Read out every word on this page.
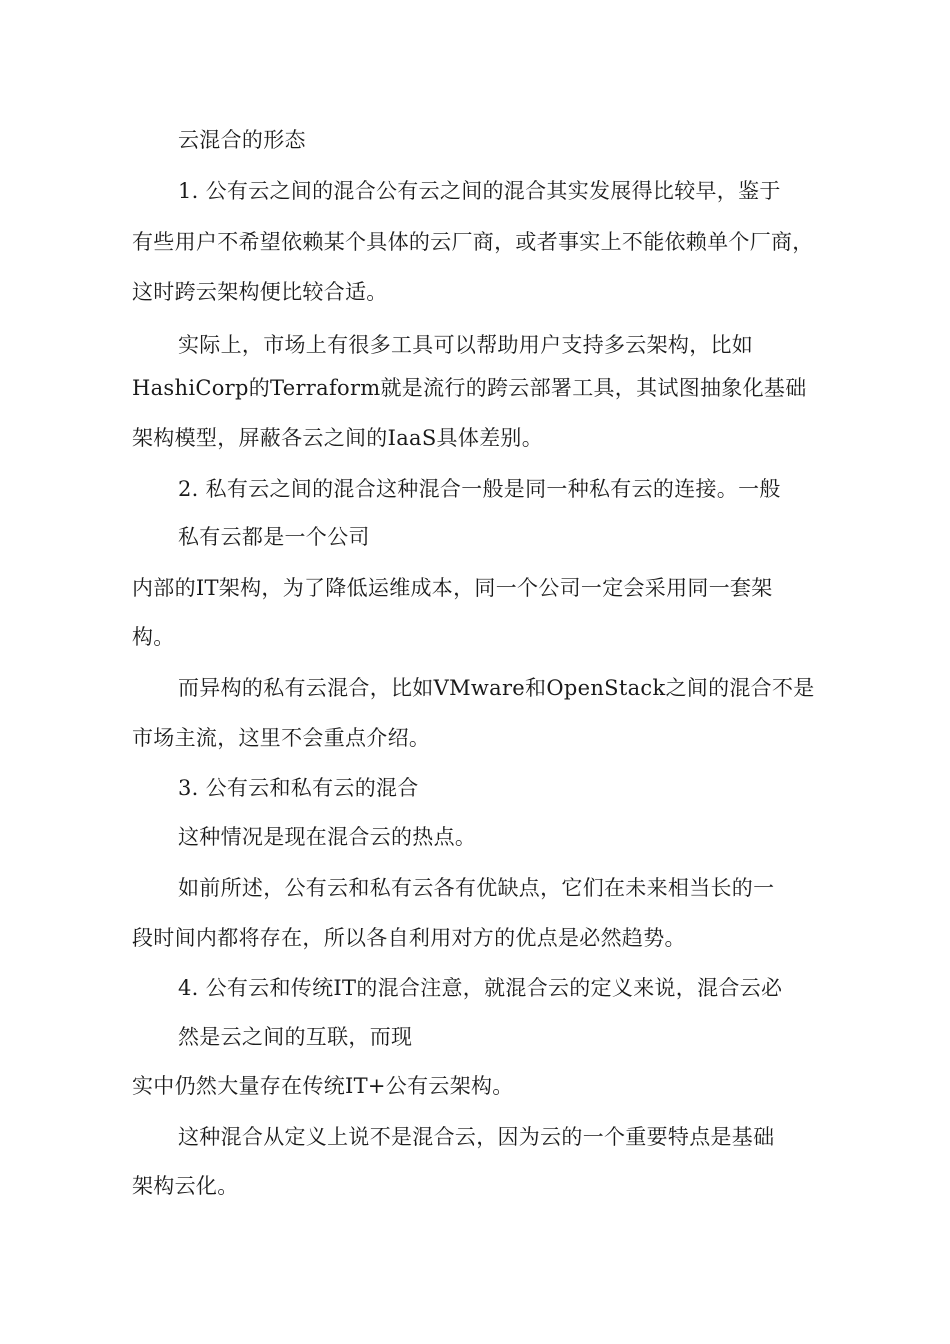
云混合的形态

1. 公有云之间的混合公有云之间的混合其实发展得比较早，鉴于

有些用户不希望依赖某个具体的云厂商，或者事实上不能依赖单个厂商，

这时跨云架构便比较合适。

实际上，市场上有很多工具可以帮助用户支持多云架构，比如

HashiCorp的Terraform就是流行的跨云部署工具，其试图抽象化基础

架构模型，屏蔽各云之间的IaaS具体差别。

2. 私有云之间的混合这种混合一般是同一种私有云的连接。一般

私有云都是一个公司

内部的IT架构，为了降低运维成本，同一个公司一定会采用同一套架

构。

而异构的私有云混合，比如VMware和OpenStack之间的混合不是

市场主流，这里不会重点介绍。

3. 公有云和私有云的混合

这种情况是现在混合云的热点。

如前所述，公有云和私有云各有优缺点，它们在未来相当长的一

段时间内都将存在，所以各自利用对方的优点是必然趋势。

4. 公有云和传统IT的混合注意，就混合云的定义来说，混合云必

然是云之间的互联，而现

实中仍然大量存在传统IT+公有云架构。

这种混合从定义上说不是混合云，因为云的一个重要特点是基础

架构云化。
